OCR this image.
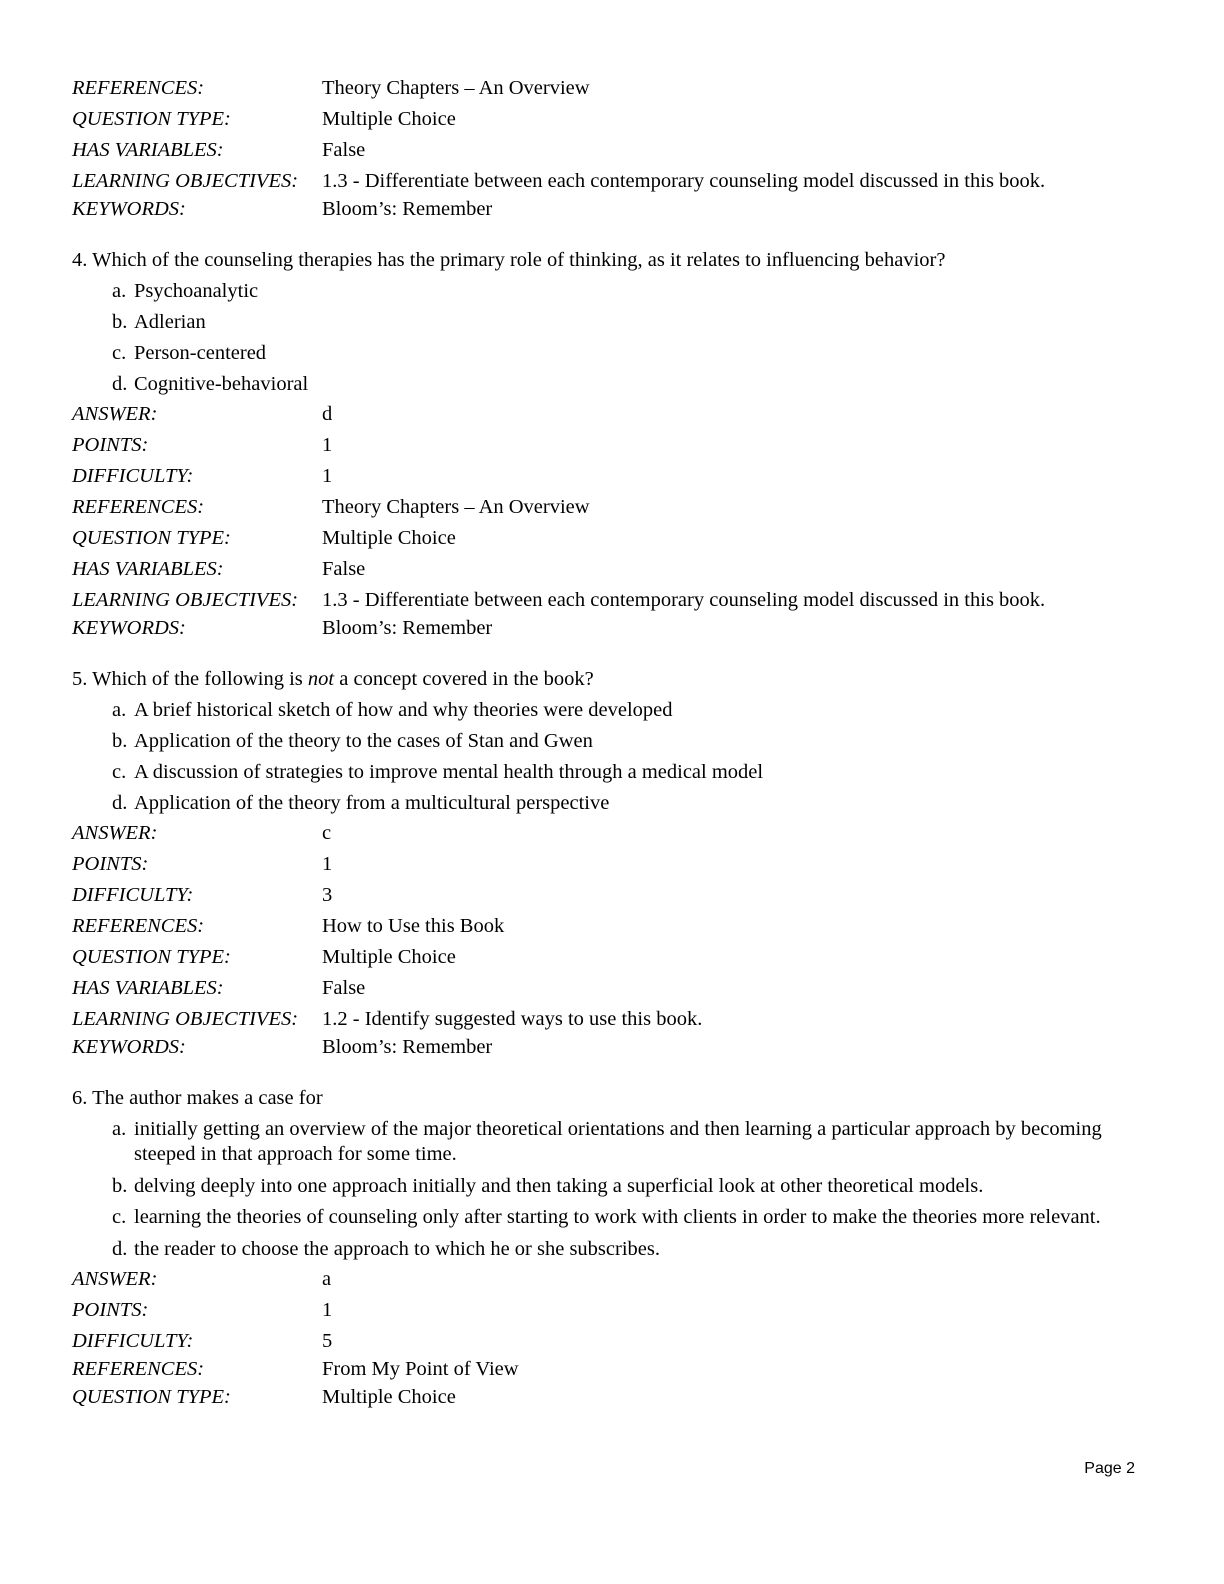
REFERENCES:	Theory Chapters – An Overview
QUESTION TYPE:	Multiple Choice
HAS VARIABLES:	False
LEARNING OBJECTIVES:	1.3 - Differentiate between each contemporary counseling model discussed in this book.
KEYWORDS:	Bloom’s: Remember
4. Which of the counseling therapies has the primary role of thinking, as it relates to influencing behavior?
a. Psychoanalytic
b. Adlerian
c. Person-centered
d. Cognitive-behavioral
ANSWER:	d
POINTS:	1
DIFFICULTY:	1
REFERENCES:	Theory Chapters – An Overview
QUESTION TYPE:	Multiple Choice
HAS VARIABLES:	False
LEARNING OBJECTIVES:	1.3 - Differentiate between each contemporary counseling model discussed in this book.
KEYWORDS:	Bloom’s: Remember
5. Which of the following is not a concept covered in the book?
a. A brief historical sketch of how and why theories were developed
b. Application of the theory to the cases of Stan and Gwen
c. A discussion of strategies to improve mental health through a medical model
d. Application of the theory from a multicultural perspective
ANSWER:	c
POINTS:	1
DIFFICULTY:	3
REFERENCES:	How to Use this Book
QUESTION TYPE:	Multiple Choice
HAS VARIABLES:	False
LEARNING OBJECTIVES:	1.2 - Identify suggested ways to use this book.
KEYWORDS:	Bloom’s: Remember
6. The author makes a case for
a. initially getting an overview of the major theoretical orientations and then learning a particular approach by becoming steeped in that approach for some time.
b. delving deeply into one approach initially and then taking a superficial look at other theoretical models.
c. learning the theories of counseling only after starting to work with clients in order to make the theories more relevant.
d. the reader to choose the approach to which he or she subscribes.
ANSWER:	a
POINTS:	1
DIFFICULTY:	5
REFERENCES:	From My Point of View
QUESTION TYPE:	Multiple Choice
Page 2
